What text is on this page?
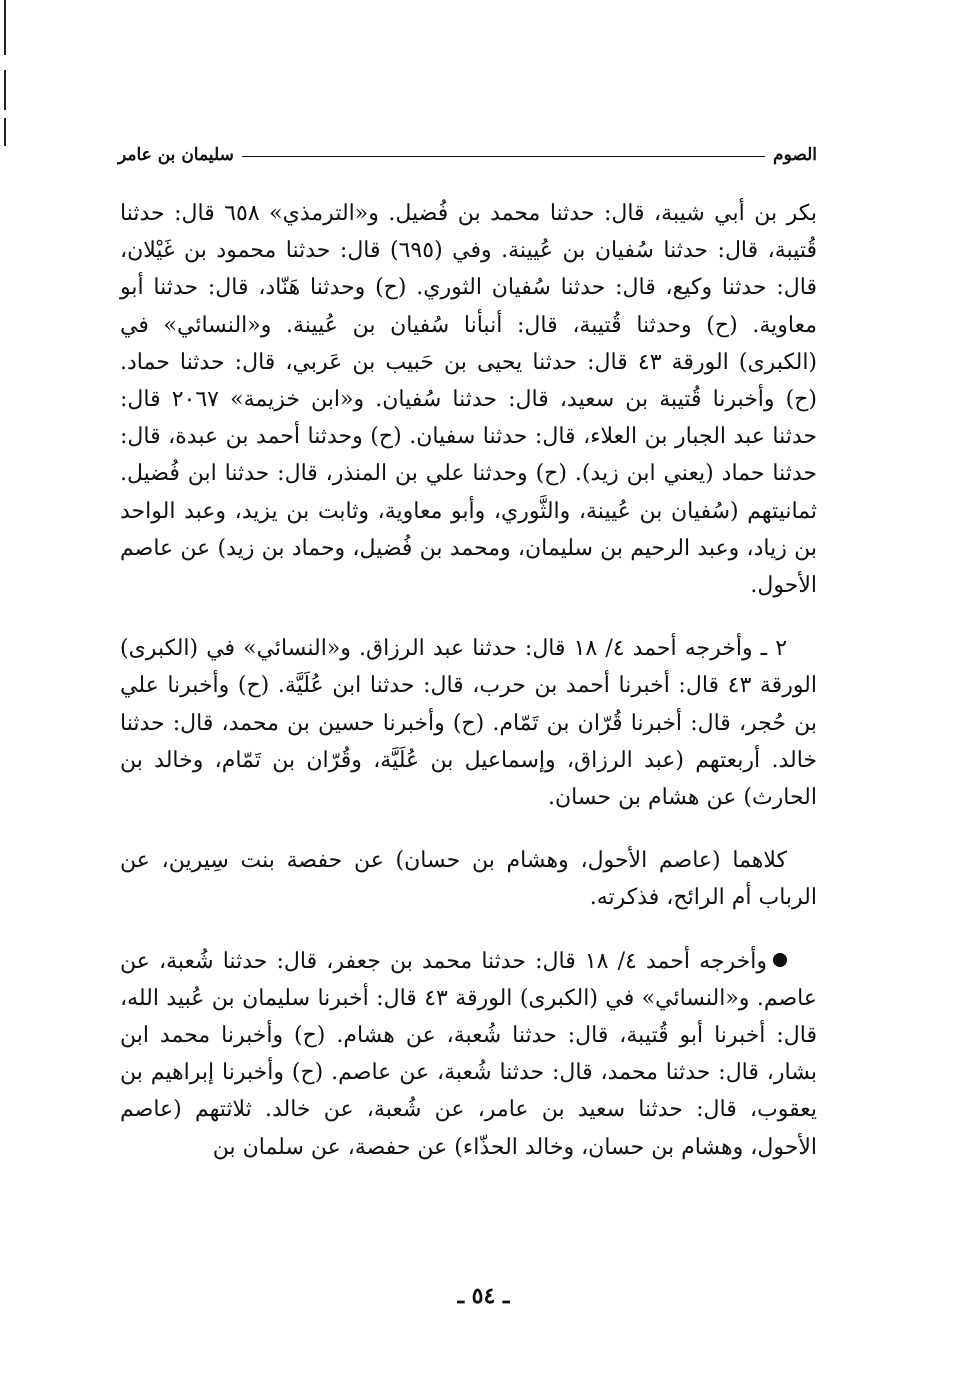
الصوم
سليمان بن عامر

بكر بن أبي شيبة، قال: حدثنا محمد بن فُضيل. و«الترمذي» ٦٥٨ قال: حدثنا قُتيبة، قال: حدثنا سُفيان بن عُيينة. وفي (٦٩٥) قال: حدثنا محمود بن غَيْلان، قال: حدثنا وكيع، قال: حدثنا سُفيان الثوري. (ح) وحدثنا هَنّاد، قال: حدثنا أبو معاوية. (ح) وحدثنا قُتيبة، قال: أنبأنا سُفيان بن عُيينة. و«النسائي» في (الكبرى) الورقة ٤٣ قال: حدثنا يحيى بن حَبيب بن عَربي، قال: حدثنا حماد. (ح) وأخبرنا قُتيبة بن سعيد، قال: حدثنا سُفيان. و«ابن خزيمة» ٢٠٦٧ قال: حدثنا عبد الجبار بن العلاء، قال: حدثنا سفيان. (ح) وحدثنا أحمد بن عبدة، قال: حدثنا حماد (يعني ابن زيد). (ح) وحدثنا علي بن المنذر، قال: حدثنا ابن فُضيل. ثمانيتهم (سُفيان بن عُيينة، والثَّوري، وأبو معاوية، وثابت بن يزيد، وعبد الواحد بن زياد، وعبد الرحيم بن سليمان، ومحمد بن فُضيل، وحماد بن زيد) عن عاصم الأحول.

٢ ـ وأخرجه أحمد ٤/ ١٨ قال: حدثنا عبد الرزاق. و«النسائي» في (الكبرى) الورقة ٤٣ قال: أخبرنا أحمد بن حرب، قال: حدثنا ابن عُلَيَّة. (ح) وأخبرنا علي بن حُجر، قال: أخبرنا قُرّان بن تَمّام. (ح) وأخبرنا حسين بن محمد، قال: حدثنا خالد. أربعتهم (عبد الرزاق، وإسماعيل بن عُلَيَّة، وقُرّان بن تَمّام، وخالد بن الحارث) عن هشام بن حسان.

كلاهما (عاصم الأحول، وهشام بن حسان) عن حفصة بنت سِيرين، عن الرباب أم الرائح، فذكرته.

وأخرجه أحمد ٤/ ١٨ قال: حدثنا محمد بن جعفر، قال: حدثنا شُعبة، عن عاصم. و«النسائي» في (الكبرى) الورقة ٤٣ قال: أخبرنا سليمان بن عُبيد الله، قال: أخبرنا أبو قُتيبة، قال: حدثنا شُعبة، عن هشام. (ح) وأخبرنا محمد ابن بشار، قال: حدثنا محمد، قال: حدثنا شُعبة، عن عاصم. (ح) وأخبرنا إبراهيم بن يعقوب، قال: حدثنا سعيد بن عامر، عن شُعبة، عن خالد. ثلاثتهم (عاصم الأحول، وهشام بن حسان، وخالد الحذّاء) عن حفصة، عن سلمان بن

ـ ٥٤ ـ
